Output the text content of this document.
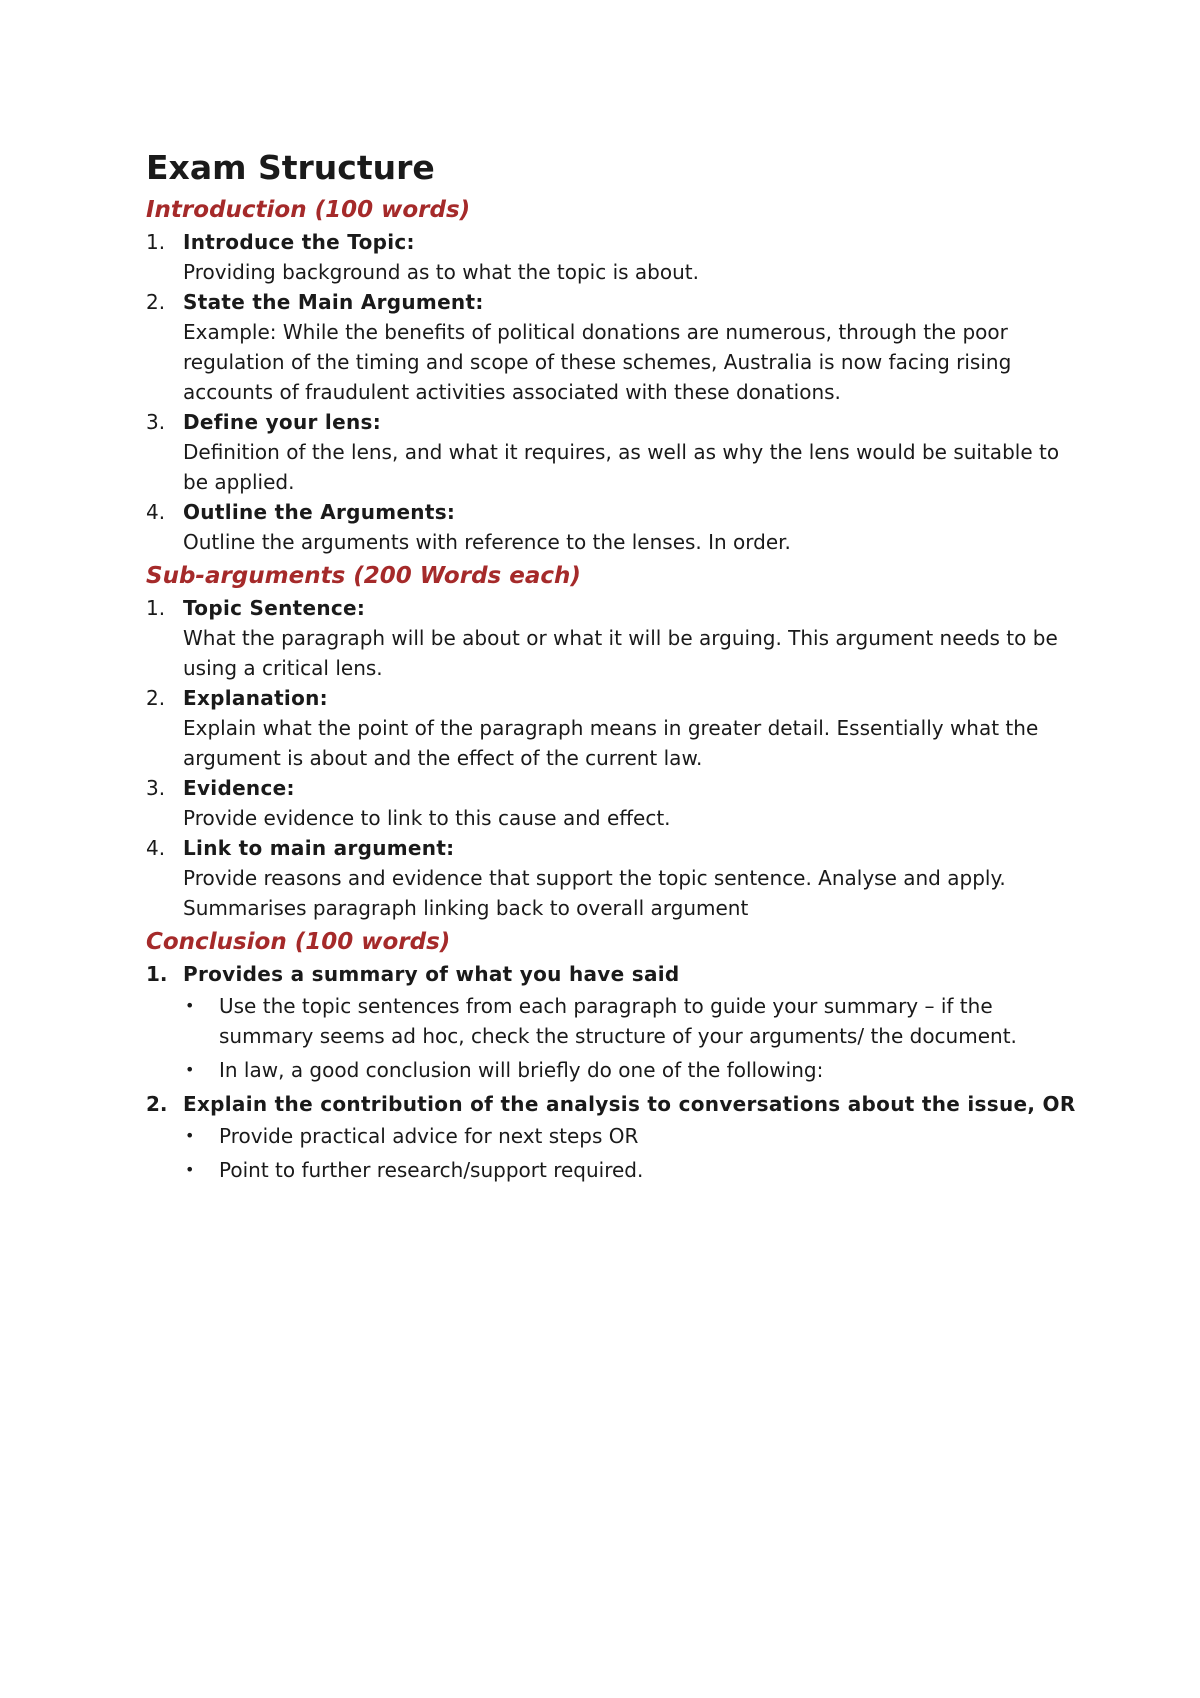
Exam Structure
Introduction (100 words)
1. Introduce the Topic:
Providing background as to what the topic is about.
2. State the Main Argument:
Example: While the benefits of political donations are numerous, through the poor regulation of the timing and scope of these schemes, Australia is now facing rising accounts of fraudulent activities associated with these donations.
3. Define your lens:
Definition of the lens, and what it requires, as well as why the lens would be suitable to be applied.
4. Outline the Arguments:
Outline the arguments with reference to the lenses. In order.
Sub-arguments (200 Words each)
1. Topic Sentence:
What the paragraph will be about or what it will be arguing. This argument needs to be using a critical lens.
2. Explanation:
Explain what the point of the paragraph means in greater detail. Essentially what the argument is about and the effect of the current law.
3. Evidence:
Provide evidence to link to this cause and effect.
4. Link to main argument:
Provide reasons and evidence that support the topic sentence. Analyse and apply. Summarises paragraph linking back to overall argument
Conclusion (100 words)
1. Provides a summary of what you have said
• Use the topic sentences from each paragraph to guide your summary – if the summary seems ad hoc, check the structure of your arguments/ the document.
• In law, a good conclusion will briefly do one of the following:
2. Explain the contribution of the analysis to conversations about the issue, OR
• Provide practical advice for next steps OR
• Point to further research/support required.
